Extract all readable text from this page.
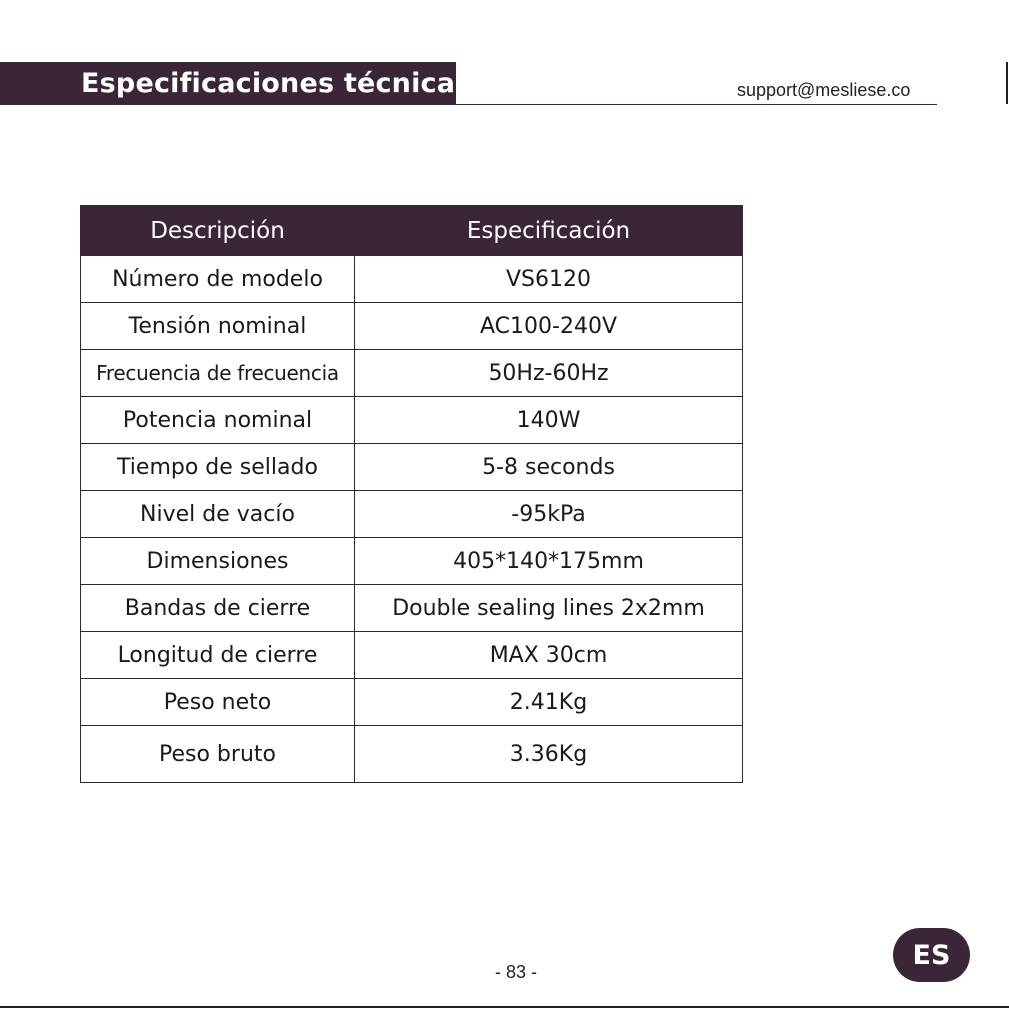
Especificaciones técnicas	support@mesliese.co
Descripción	Especificación
Número de modelo	VS6120
Tensión nominal	AC100-240V
Frecuencia de frecuencia	50Hz-60Hz
Potencia nominal	140W
Tiempo de sellado	5-8 seconds
Nivel de vacío	-95kPa
Dimensiones	405*140*175mm
Bandas de cierre	Double sealing lines 2x2mm
Longitud de cierre	MAX 30cm
Peso neto	2.41Kg
Peso bruto	3.36Kg
- 83 -
ES
